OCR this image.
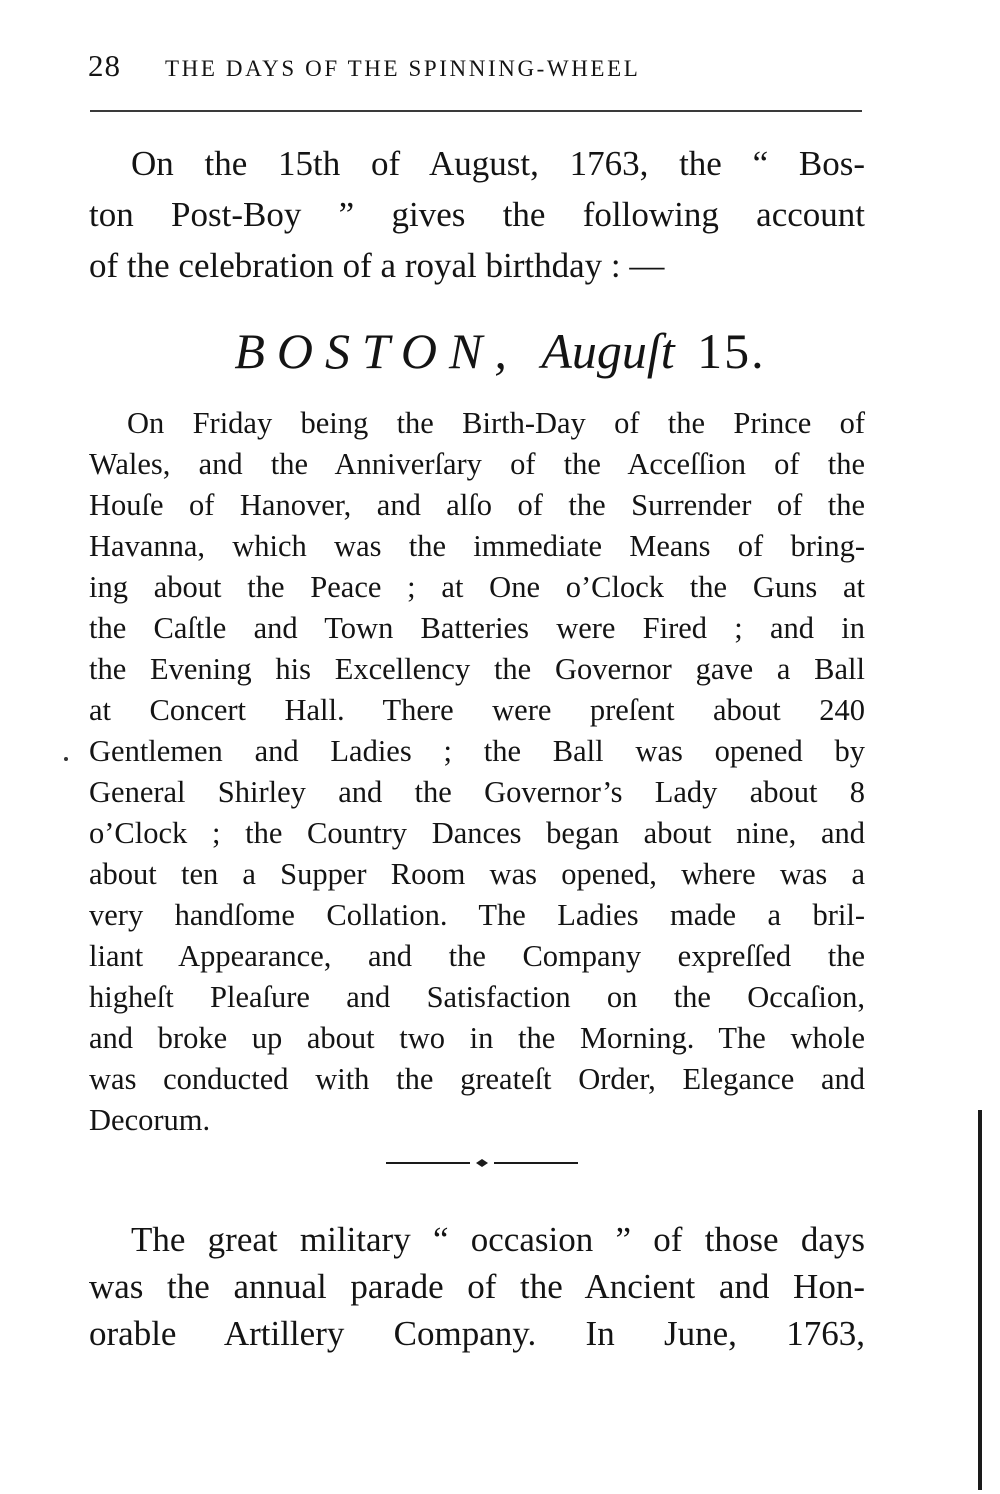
28 THE DAYS OF THE SPINNING-WHEEL
On the 15th of August, 1763, the “ Bos-
ton Post-Boy ” gives the following account
of the celebration of a royal birthday : —
BOSTON, Auguſt 15.
On Friday being the Birth-Day of the Prince of
Wales, and the Anniverſary of the Acceſſion of the
Houſe of Hanover, and alſo of the Surrender of the
Havanna, which was the immediate Means of bring-
ing about the Peace ; at One o’Clock the Guns at
the Caſtle and Town Batteries were Fired ; and in
the Evening his Excellency the Governor gave a Ball
at Concert Hall. There were preſent about 240
Gentlemen and Ladies ; the Ball was opened by
General Shirley and the Governor’s Lady about 8
o’Clock ; the Country Dances began about nine, and
about ten a Supper Room was opened, where was a
very handſome Collation. The Ladies made a bril-
liant Appearance, and the Company expreſſed the
higheſt Pleaſure and Satisfaction on the Occaſion,
and broke up about two in the Morning. The whole
was conducted with the greateſt Order, Elegance and
Decorum.
The great military “ occasion ” of those days
was the annual parade of the Ancient and Hon-
orable Artillery Company. In June, 1763,
